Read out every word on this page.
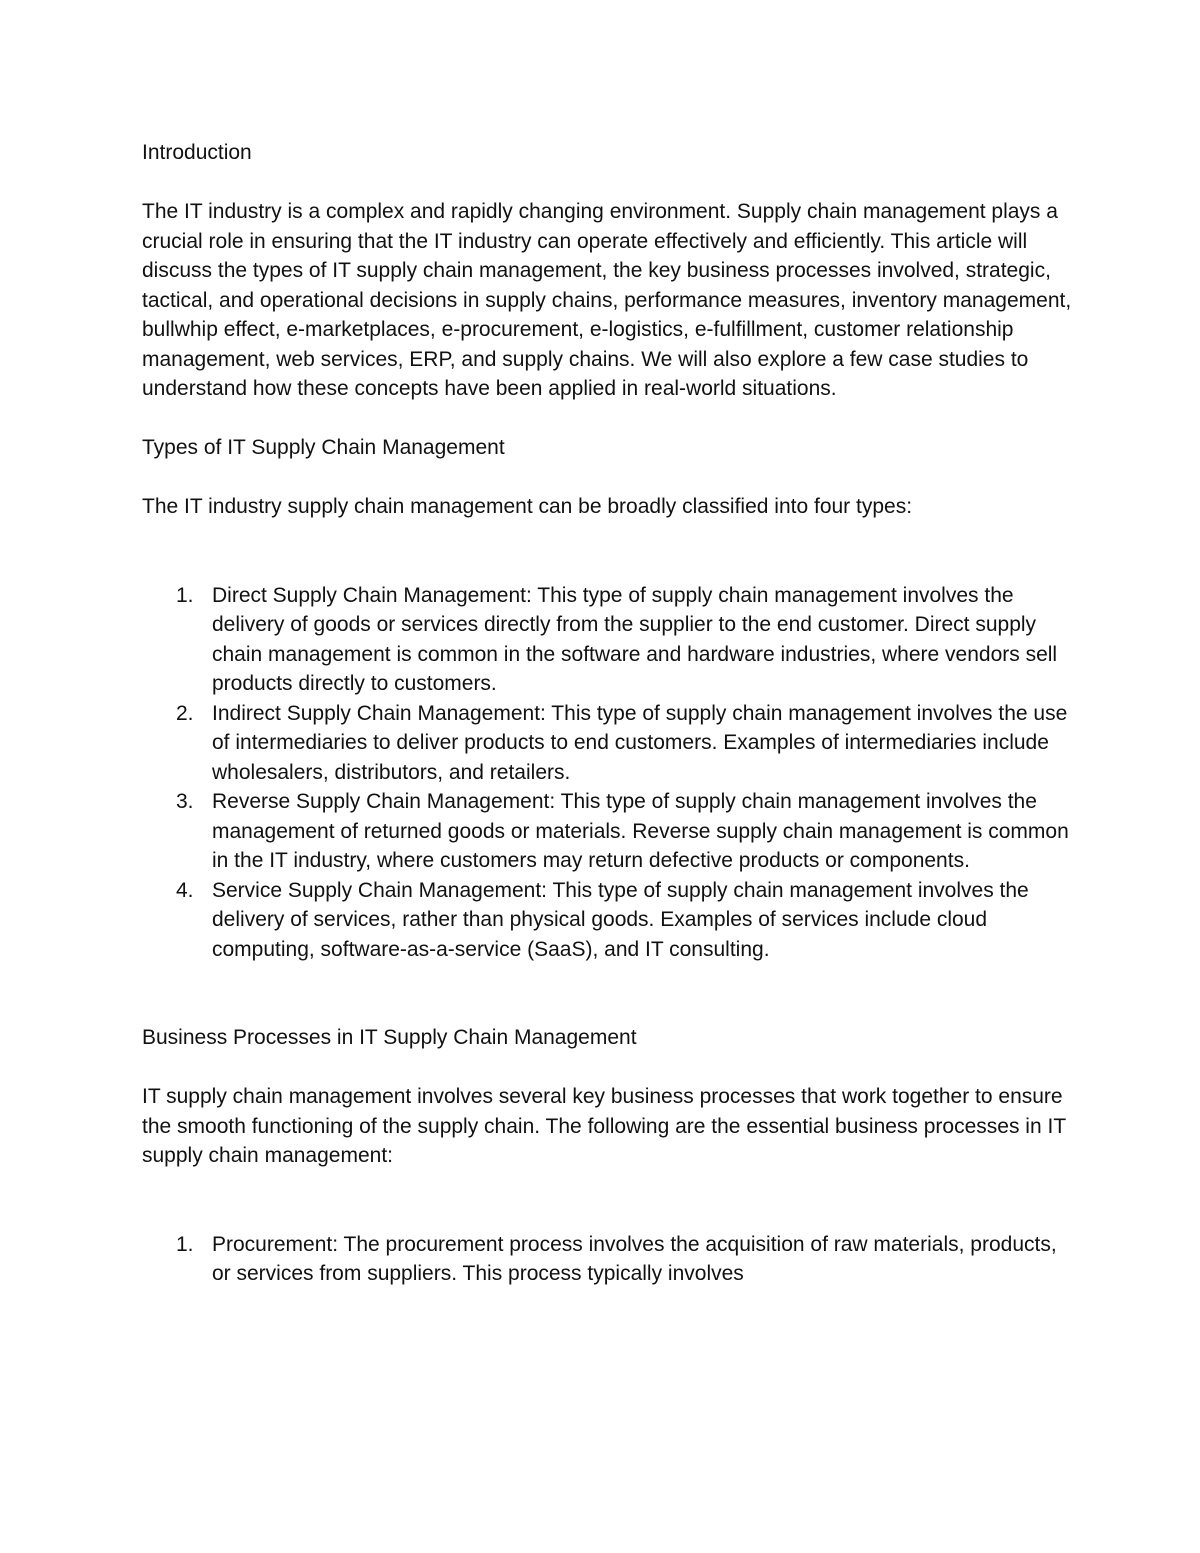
Introduction

The IT industry is a complex and rapidly changing environment. Supply chain management plays a crucial role in ensuring that the IT industry can operate effectively and efficiently. This article will discuss the types of IT supply chain management, the key business processes involved, strategic, tactical, and operational decisions in supply chains, performance measures, inventory management, bullwhip effect, e-marketplaces, e-procurement, e-logistics, e-fulfillment, customer relationship management, web services, ERP, and supply chains. We will also explore a few case studies to understand how these concepts have been applied in real-world situations.

Types of IT Supply Chain Management

The IT industry supply chain management can be broadly classified into four types:

1. Direct Supply Chain Management: This type of supply chain management involves the delivery of goods or services directly from the supplier to the end customer. Direct supply chain management is common in the software and hardware industries, where vendors sell products directly to customers.
2. Indirect Supply Chain Management: This type of supply chain management involves the use of intermediaries to deliver products to end customers. Examples of intermediaries include wholesalers, distributors, and retailers.
3. Reverse Supply Chain Management: This type of supply chain management involves the management of returned goods or materials. Reverse supply chain management is common in the IT industry, where customers may return defective products or components.
4. Service Supply Chain Management: This type of supply chain management involves the delivery of services, rather than physical goods. Examples of services include cloud computing, software-as-a-service (SaaS), and IT consulting.

Business Processes in IT Supply Chain Management

IT supply chain management involves several key business processes that work together to ensure the smooth functioning of the supply chain. The following are the essential business processes in IT supply chain management:

1. Procurement: The procurement process involves the acquisition of raw materials, products, or services from suppliers. This process typically involves
